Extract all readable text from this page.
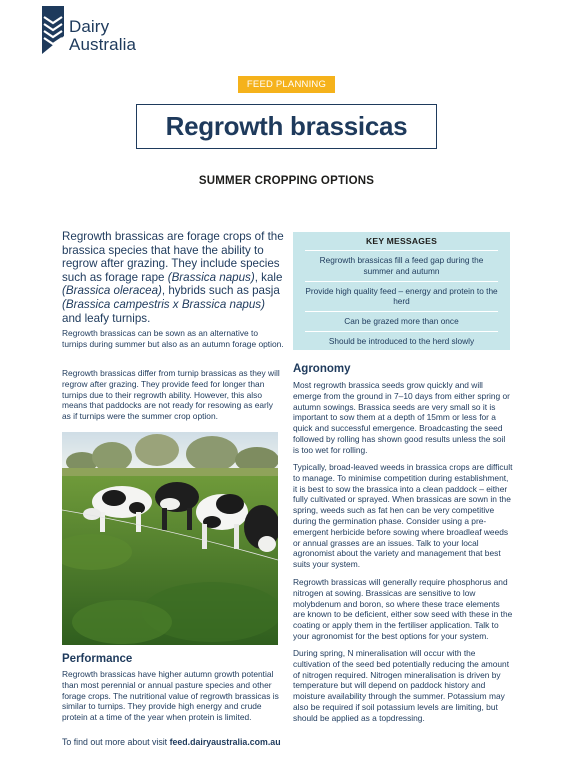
Dairy
Australia
FEED PLANNING
Regrowth brassicas
SUMMER CROPPING OPTIONS

Regrowth brassicas are forage crops of the brassica species that have the ability to regrow after grazing. They include species such as forage rape (Brassica napus), kale (Brassica oleracea), hybrids such as pasja (Brassica campestris x Brassica napus) and leafy turnips.

Regrowth brassicas can be sown as an alternative to turnips during summer but also as an autumn forage option.

Regrowth brassicas differ from turnip brassicas as they will regrow after grazing. They provide feed for longer than turnips due to their regrowth ability. However, this also means that paddocks are not ready for resowing as early as if turnips were the summer crop option.

Performance

Regrowth brassicas have higher autumn growth potential than most perennial or annual pasture species and other forage crops. The nutritional value of regrowth brassicas is similar to turnips. They provide high energy and crude protein at a time of the year when protein is limited.

KEY MESSAGES
Regrowth brassicas fill a feed gap during the summer and autumn
Provide high quality feed – energy and protein to the herd
Can be grazed more than once
Should be introduced to the herd slowly
Agronomy

Most regrowth brassica seeds grow quickly and will emerge from the ground in 7–10 days from either spring or autumn sowings. Brassica seeds are very small so it is important to sow them at a depth of 15mm or less for a quick and successful emergence. Broadcasting the seed followed by rolling has shown good results unless the soil is too wet for rolling.

Typically, broad-leaved weeds in brassica crops are difficult to manage. To minimise competition during establishment, it is best to sow the brassica into a clean paddock – either fully cultivated or sprayed. When brassicas are sown in the spring, weeds such as fat hen can be very competitive during the germination phase. Consider using a pre-emergent herbicide before sowing where broadleaf weeds or annual grasses are an issues. Talk to your local agronomist about the variety and management that best suits your system.

Regrowth brassicas will generally require phosphorus and nitrogen at sowing. Brassicas are sensitive to low molybdenum and boron, so where these trace elements are known to be deficient, either sow seed with these in the coating or apply them in the fertiliser application. Talk to your agronomist for the best options for your system.

During spring, N mineralisation will occur with the cultivation of the seed bed potentially reducing the amount of nitrogen required. Nitrogen mineralisation is driven by temperature but will depend on paddock history and moisture availability through the summer. Potassium may also be required if soil potassium levels are limiting, but should be applied as a topdressing.

To find out more about visit feed.dairyaustralia.com.au
